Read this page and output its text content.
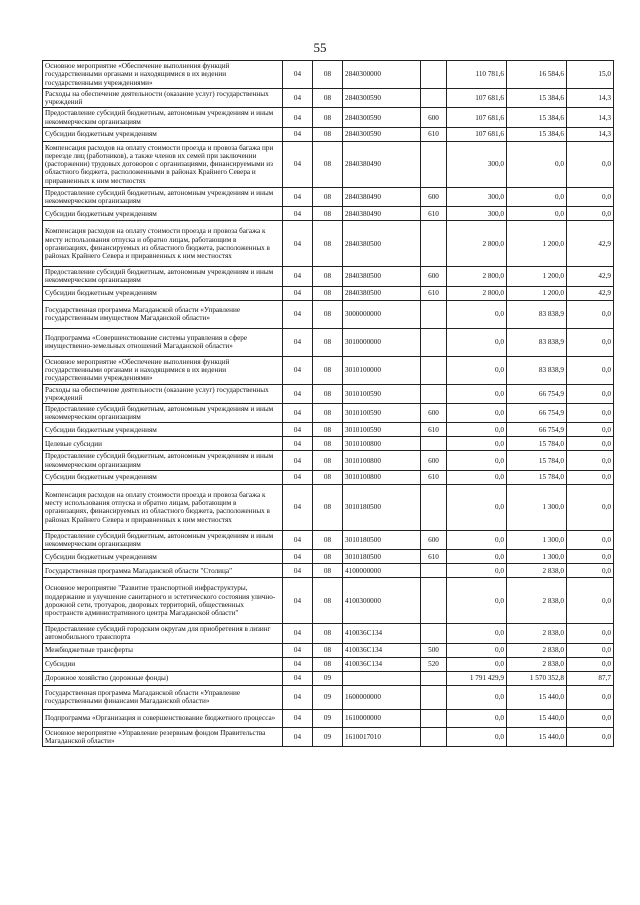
55
Основное мероприятие «Обеспечение выполнения функций государственными органами и находящимися в их ведении государственными учреждениями»	04	08	2840300000		110 781,6	16 584,6	15,0
Расходы на обеспечение деятельности (оказание услуг) государственных учреждений	04	08	2840300590		107 681,6	15 384,6	14,3
Предоставление субсидий бюджетным, автономным учреждениям и иным некоммерческим организациям	04	08	2840300590	600	107 681,6	15 384,6	14,3
Субсидии бюджетным учреждениям	04	08	2840300590	610	107 681,6	15 384,6	14,3
Компенсация расходов на оплату стоимости проезда и провоза багажа при переезде лиц (работников), а также членов их семей при заключении (расторжении) трудовых договоров с организациями, финансируемыми из областного бюджета, расположенными в районах Крайнего Севера и приравненных к ним местностях	04	08	2840380490		300,0	0,0	0,0
Предоставление субсидий бюджетным, автономным учреждениям и иным некоммерческим организациям	04	08	2840380490	600	300,0	0,0	0,0
Субсидии бюджетным учреждениям	04	08	2840380490	610	300,0	0,0	0,0
Компенсация расходов на оплату стоимости проезда и провоза багажа к месту использования отпуска и обратно лицам, работающим в организациях, финансируемых из областного бюджета, расположенных в районах Крайнего Севера и приравненных к ним местностях	04	08	2840380500		2 800,0	1 200,0	42,9
Предоставление субсидий бюджетным, автономным учреждениям и иным некоммерческим организациям	04	08	2840380500	600	2 800,0	1 200,0	42,9
Субсидии бюджетным учреждениям	04	08	2840380500	610	2 800,0	1 200,0	42,9
Государственная программа Магаданской области «Управление государственным имуществом Магаданской области»	04	08	3000000000		0,0	83 838,9	0,0
Подпрограмма «Совершенствование системы управления в сфере имущественно-земельных отношений Магаданской области»	04	08	3010000000		0,0	83 838,9	0,0
Основное мероприятие «Обеспечение выполнения функций государственными органами и находящимися в их ведении государственными учреждениями»	04	08	3010100000		0,0	83 838,9	0,0
Расходы на обеспечение деятельности (оказание услуг) государственных учреждений	04	08	3010100590		0,0	66 754,9	0,0
Предоставление субсидий бюджетным, автономным учреждениям и иным некоммерческим организациям	04	08	3010100590	600	0,0	66 754,9	0,0
Субсидии бюджетным учреждениям	04	08	3010100590	610	0,0	66 754,9	0,0
Целевые субсидии	04	08	3010100800		0,0	15 784,0	0,0
Предоставление субсидий бюджетным, автономным учреждениям и иным некоммерческим организациям	04	08	3010100800	600	0,0	15 784,0	0,0
Субсидии бюджетным учреждениям	04	08	3010100800	610	0,0	15 784,0	0,0
Компенсация расходов на оплату стоимости проезда и провоза багажа к месту использования отпуска и обратно лицам, работающим в организациях, финансируемых из областного бюджета, расположенных в районах Крайнего Севера и приравненных к ним местностях	04	08	3010180500		0,0	1 300,0	0,0
Предоставление субсидий бюджетным, автономным учреждениям и иным некоммерческим организациям	04	08	3010180500	600	0,0	1 300,0	0,0
Субсидии бюджетным учреждениям	04	08	3010180500	610	0,0	1 300,0	0,0
Государственная программа Магаданской области "Столица"	04	08	4100000000		0,0	2 838,0	0,0
Основное мероприятие "Развитие транспортной инфраструктуры, поддержание и улучшение санитарного и эстетического состояния улично-дорожной сети, тротуаров, дворовых территорий, общественных пространств административного центра Магаданской области"	04	08	4100300000		0,0	2 838,0	0,0
Предоставление субсидий городским округам для приобретения в лизинг автомобильного транспорта	04	08	410036С134		0,0	2 838,0	0,0
Межбюджетные трансферты	04	08	410036С134	500	0,0	2 838,0	0,0
Субсидии	04	08	410036С134	520	0,0	2 838,0	0,0
Дорожное хозяйство (дорожные фонды)	04	09			1 791 429,9	1 570 352,8	87,7
Государственная программа Магаданской области «Управление государственными финансами Магаданской области»	04	09	1600000000		0,0	15 440,0	0,0
Подпрограмма «Организация и совершенствование бюджетного процесса»	04	09	1610000000		0,0	15 440,0	0,0
Основное мероприятие «Управление резервным фондом Правительства Магаданской области»	04	09	1610017010		0,0	15 440,0	0,0
